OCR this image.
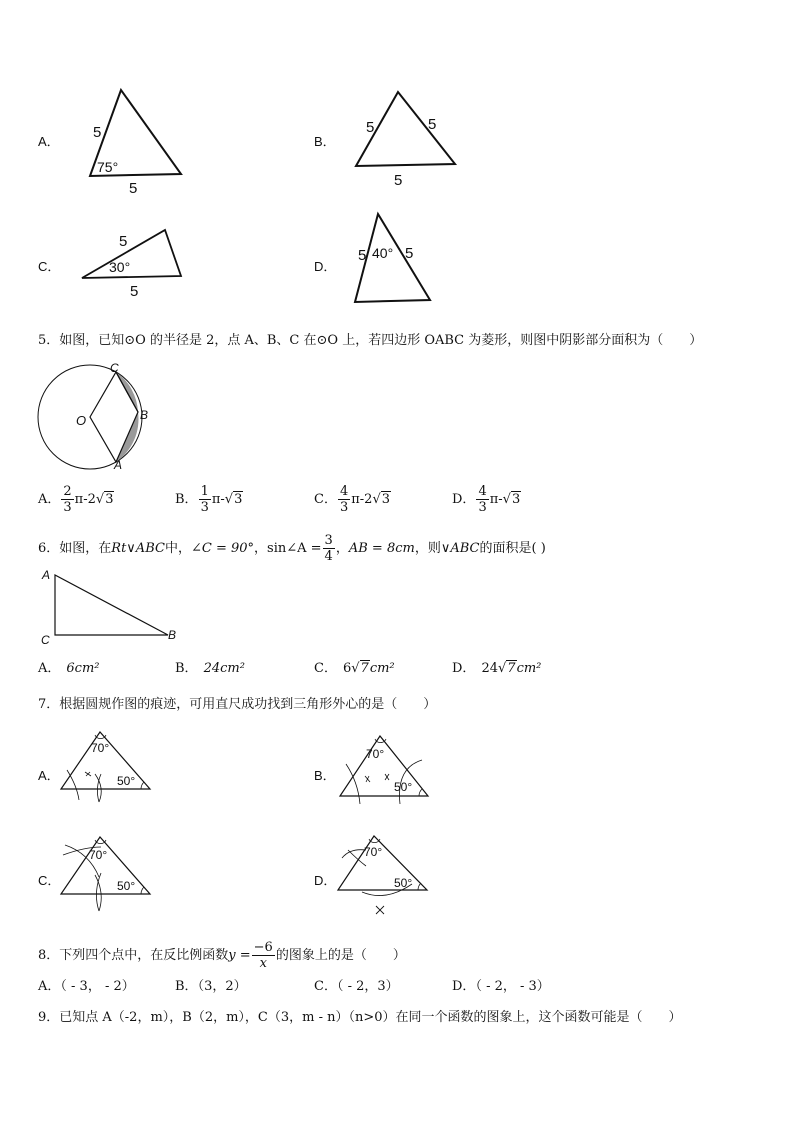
A．
5
75°
5
B．
5	5
5
C．
5
30°
5
D．
5 40° 5
5．如图，已知⊙O 的半径是 2，点 A、B、C 在⊙O 上，若四边形 OABC 为菱形，则图中阴影部分面积为（　　）
O
C
B
A
A． $\frac{2}{3} \pi-2√3$	B． $\frac{1}{3} \pi-√3$	C． $\frac{4}{3} \pi-2√3$	D． $\frac{4}{3} \pi-√3$
6．如图，在Rt∨ABC中，∠C = 90°，sin∠A = $\frac{3}{4}$ ，AB = 8cm，则∨ABC的面积是( )
A
C	B
A． 6cm²	B． 24cm²	C． 6√7cm²	D． 24√7cm²
7．根据圆规作图的痕迹，可用直尺成功找到三角形外心的是（　　）
A．
70°
50°	B．
70°
50°
C．
70°
50°	D．
70°
50°
8．下列四个点中，在反比例函数$y = \frac{-6}{x}$ 的图象上的是（　　）
A．（ - 3， - 2）	B．（3，2）	C．（ - 2，3）	D．（ - 2， - 3）
9．已知点 A（-2，m），B（2，m），C（3，m - n）（n>0）在同一个函数的图象上，这个函数可能是（　　）
